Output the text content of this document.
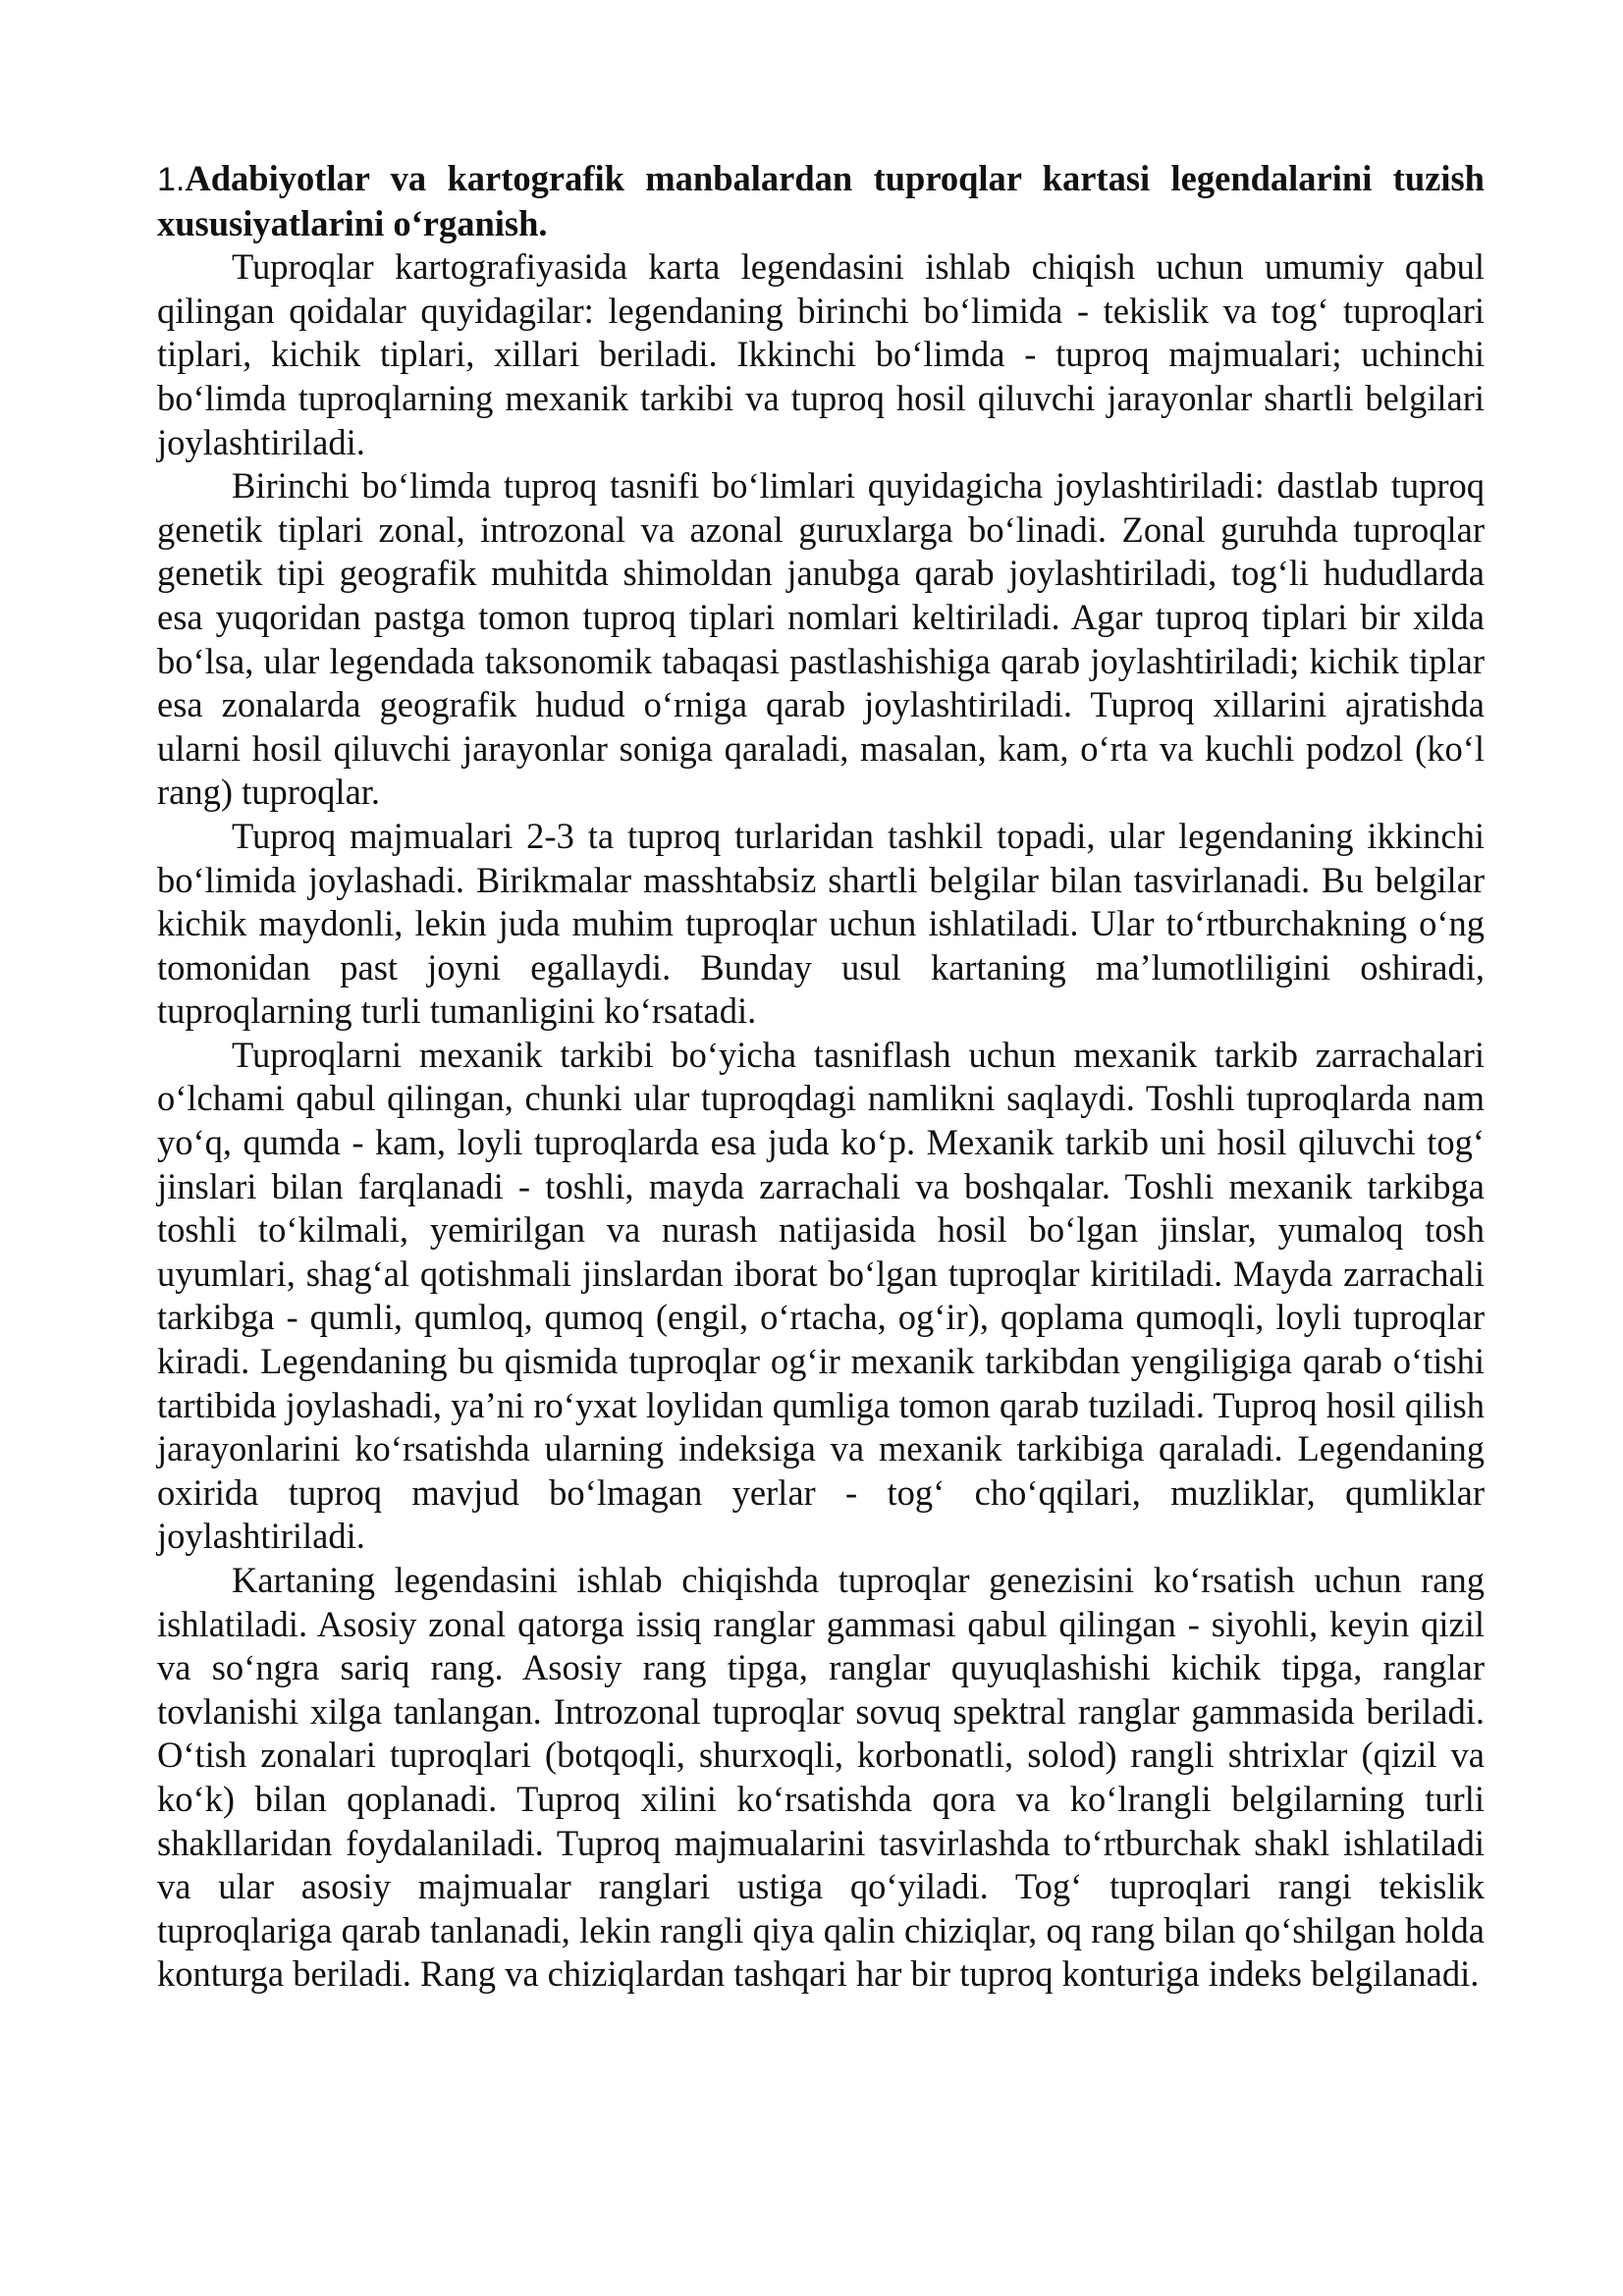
1.Adabiyotlar va kartografik manbalardan tuproqlar kartasi legendalarini tuzish xususiyatlarini o‘rganish.

Tuproqlar kartografiyasida karta legendasini ishlab chiqish uchun umumiy qabul qilingan qoidalar quyidagilar: legendaning birinchi bo‘limida - tekislik va tog‘ tuproqlari tiplari, kichik tiplari, xillari beriladi. Ikkinchi bo‘limda - tuproq majmualari; uchinchi bo‘limda tuproqlarning mexanik tarkibi va tuproq hosil qiluvchi jarayonlar shartli belgilari joylashtiriladi.

Birinchi bo‘limda tuproq tasnifi bo‘limlari quyidagicha joylashtiriladi: dastlab tuproq genetik tiplari zonal, introzonal va azonal guruxlarga bo‘linadi. Zonal guruhda tuproqlar genetik tipi geografik muhitda shimoldan janubga qarab joylashtiriladi, tog‘li hududlarda esa yuqoridan pastga tomon tuproq tiplari nomlari keltiriladi. Agar tuproq tiplari bir xilda bo‘lsa, ular legendada taksonomik tabaqasi pastlashishiga qarab joylashtiriladi; kichik tiplar esa zonalarda geografik hudud o‘rniga qarab joylashtiriladi. Tuproq xillarini ajratishda ularni hosil qiluvchi jarayonlar soniga qaraladi, masalan, kam, o‘rta va kuchli podzol (ko‘l rang) tuproqlar.

Tuproq majmualari 2-3 ta tuproq turlaridan tashkil topadi, ular legendaning ikkinchi bo‘limida joylashadi. Birikmalar masshtabsiz shartli belgilar bilan tasvirlanadi. Bu belgilar kichik maydonli, lekin juda muhim tuproqlar uchun ishlatiladi. Ular to‘rtburchakning o‘ng tomonidan past joyni egallaydi. Bunday usul kartaning ma’lumotliligini oshiradi, tuproqlarning turli tumanligini ko‘rsatadi.

Tuproqlarni mexanik tarkibi bo‘yicha tasniflash uchun mexanik tarkib zarrachalari o‘lchami qabul qilingan, chunki ular tuproqdagi namlikni saqlaydi. Toshli tuproqlarda nam yo‘q, qumda - kam, loyli tuproqlarda esa juda ko‘p. Mexanik tarkib uni hosil qiluvchi tog‘ jinslari bilan farqlanadi - toshli, mayda zarrachali va boshqalar. Toshli mexanik tarkibga toshli to‘kilmali, yemirilgan va nurash natijasida hosil bo‘lgan jinslar, yumaloq tosh uyumlari, shag‘al qotishmali jinslardan iborat bo‘lgan tuproqlar kiritiladi. Mayda zarrachali tarkibga - qumli, qumloq, qumoq (engil, o‘rtacha, og‘ir), qoplama qumoqli, loyli tuproqlar kiradi. Legendaning bu qismida tuproqlar og‘ir mexanik tarkibdan yengiligiga qarab o‘tishi tartibida joylashadi, ya’ni ro‘yxat loylidan qumliga tomon qarab tuziladi. Tuproq hosil qilish jarayonlarini ko‘rsatishda ularning indeksiga va mexanik tarkibiga qaraladi. Legendaning oxirida tuproq mavjud bo‘lmagan yerlar - tog‘ cho‘qqilari, muzliklar, qumliklar joylashtiriladi.

Kartaning legendasini ishlab chiqishda tuproqlar genezisini ko‘rsatish uchun rang ishlatiladi. Asosiy zonal qatorga issiq ranglar gammasi qabul qilingan - siyohli, keyin qizil va so‘ngra sariq rang. Asosiy rang tipga, ranglar quyuqlashishi kichik tipga, ranglar tovlanishi xilga tanlangan. Introzonal tuproqlar sovuq spektral ranglar gammasida beriladi. O‘tish zonalari tuproqlari (botqoqli, shurxoqli, korbonatli, solod) rangli shtrixlar (qizil va ko‘k) bilan qoplanadi. Tuproq xilini ko‘rsatishda qora va ko‘lrangli belgilarning turli shakllaridan foydalaniladi. Tuproq majmualarini tasvirlashda to‘rtburchak shakl ishlatiladi va ular asosiy majmualar ranglari ustiga qo‘yiladi. Tog‘ tuproqlari rangi tekislik tuproqlariga qarab tanlanadi, lekin rangli qiya qalin chiziqlar, oq rang bilan qo‘shilgan holda konturga beriladi. Rang va chiziqlardan tashqari har bir tuproq konturiga indeks belgilanadi.
